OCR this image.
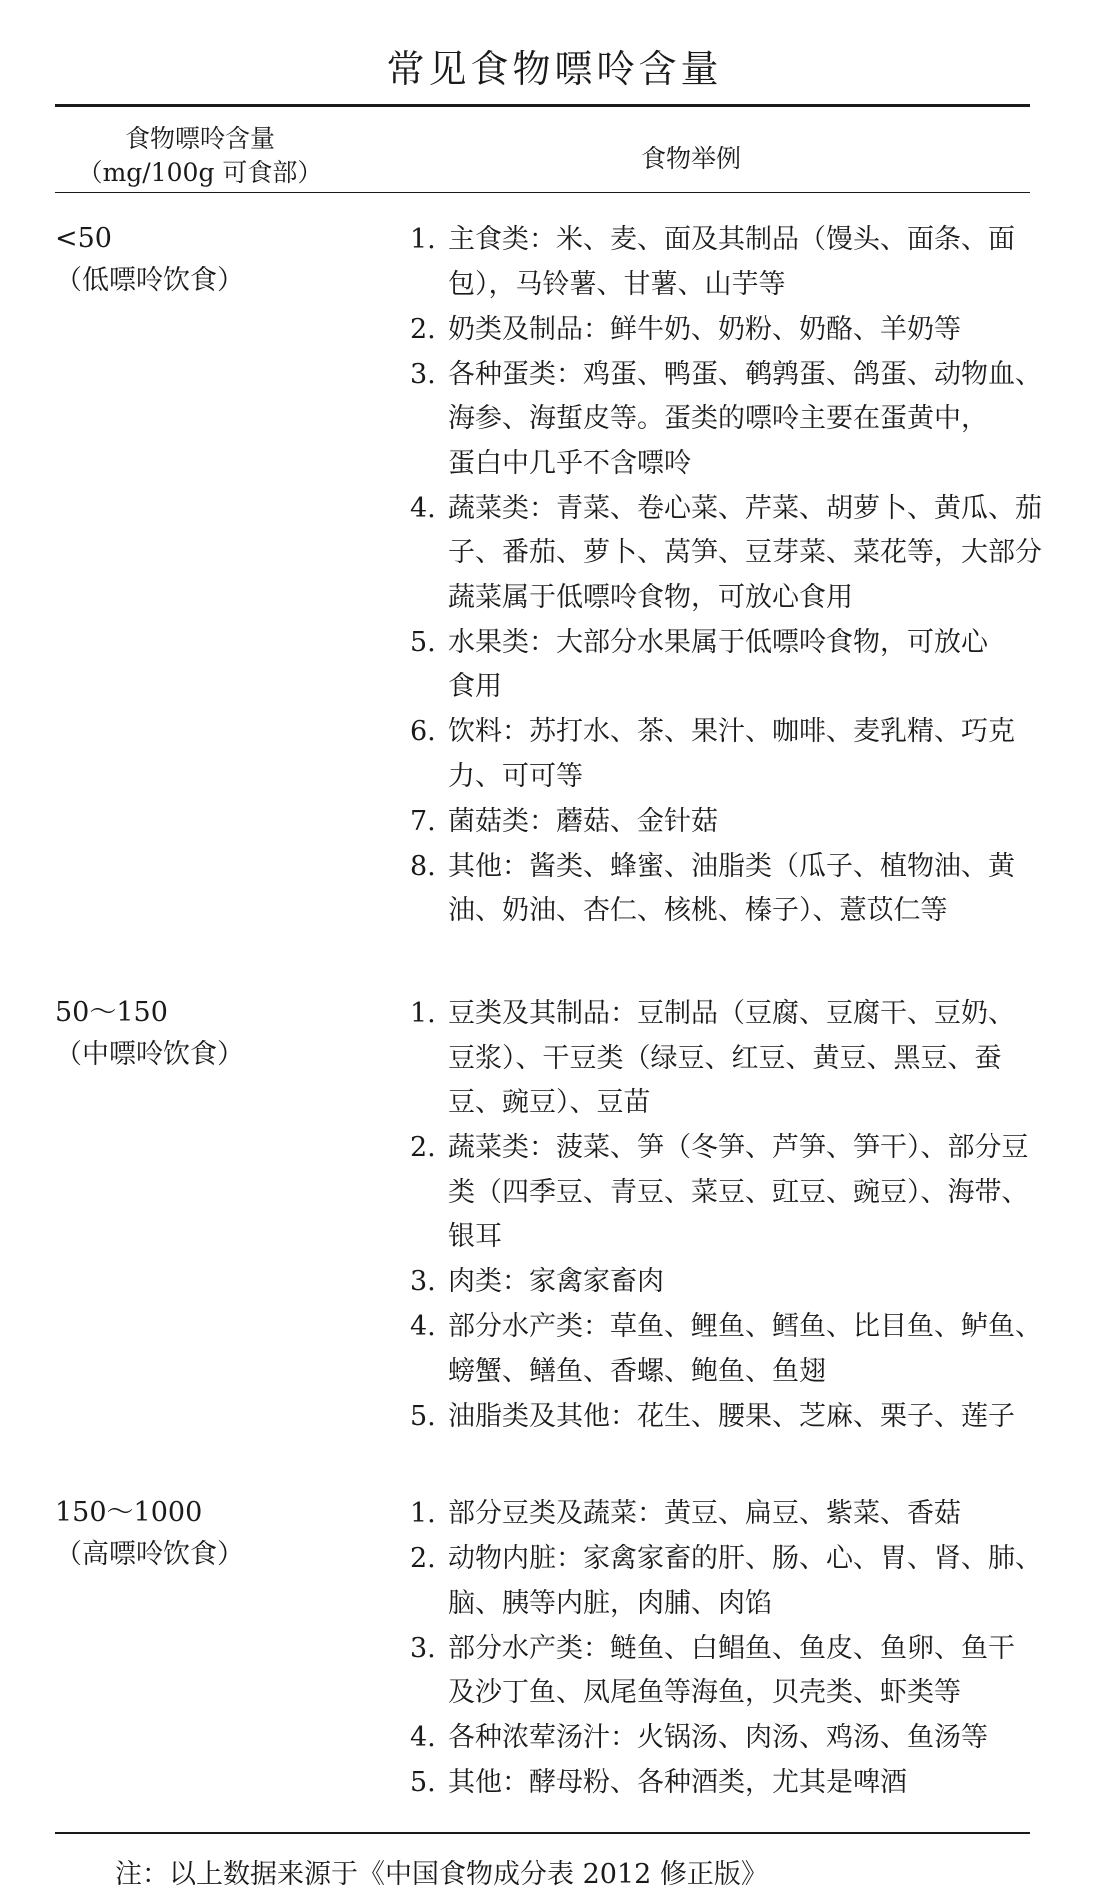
常见食物嘌呤含量
食物嘌呤含量
（mg/100g 可食部）	食物举例
<50
（低嘌呤饮食）
1. 主食类：米、麦、面及其制品（馒头、面条、面
包），马铃薯、甘薯、山芋等
2. 奶类及制品：鲜牛奶、奶粉、奶酪、羊奶等
3. 各种蛋类：鸡蛋、鸭蛋、鹌鹑蛋、鸽蛋、动物血、
海参、海蜇皮等。蛋类的嘌呤主要在蛋黄中，
蛋白中几乎不含嘌呤
4. 蔬菜类：青菜、卷心菜、芹菜、胡萝卜、黄瓜、茄
子、番茄、萝卜、莴笋、豆芽菜、菜花等，大部分
蔬菜属于低嘌呤食物，可放心食用
5. 水果类：大部分水果属于低嘌呤食物，可放心
食用
6. 饮料：苏打水、茶、果汁、咖啡、麦乳精、巧克
力、可可等
7. 菌菇类：蘑菇、金针菇
8. 其他：酱类、蜂蜜、油脂类（瓜子、植物油、黄
油、奶油、杏仁、核桃、榛子）、薏苡仁等
50～150
（中嘌呤饮食）
1. 豆类及其制品：豆制品（豆腐、豆腐干、豆奶、
豆浆）、干豆类（绿豆、红豆、黄豆、黑豆、蚕
豆、豌豆）、豆苗
2. 蔬菜类：菠菜、笋（冬笋、芦笋、笋干）、部分豆
类（四季豆、青豆、菜豆、豇豆、豌豆）、海带、
银耳
3. 肉类：家禽家畜肉
4. 部分水产类：草鱼、鲤鱼、鳕鱼、比目鱼、鲈鱼、
螃蟹、鳝鱼、香螺、鲍鱼、鱼翅
5. 油脂类及其他：花生、腰果、芝麻、栗子、莲子
150～1000
（高嘌呤饮食）
1. 部分豆类及蔬菜：黄豆、扁豆、紫菜、香菇
2. 动物内脏：家禽家畜的肝、肠、心、胃、肾、肺、
脑、胰等内脏，肉脯、肉馅
3. 部分水产类：鲢鱼、白鲳鱼、鱼皮、鱼卵、鱼干
及沙丁鱼、凤尾鱼等海鱼，贝壳类、虾类等
4. 各种浓荤汤汁：火锅汤、肉汤、鸡汤、鱼汤等
5. 其他：酵母粉、各种酒类，尤其是啤酒
注：以上数据来源于《中国食物成分表 2012 修正版》
